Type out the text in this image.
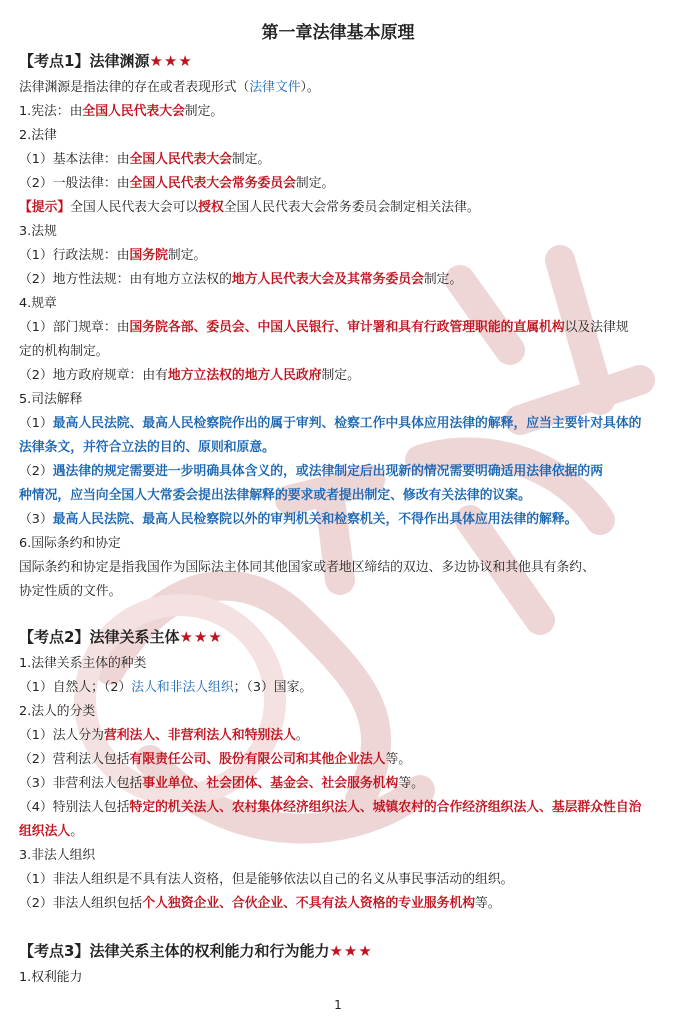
第一章法律基本原理
【考点1】法律渊源★★★
法律渊源是指法律的存在或者表现形式（法律文件）。
1.宪法：由全国人民代表大会制定。
2.法律
（1）基本法律：由全国人民代表大会制定。
（2）一般法律：由全国人民代表大会常务委员会制定。
【提示】全国人民代表大会可以授权全国人民代表大会常务委员会制定相关法律。
3.法规
（1）行政法规：由国务院制定。
（2）地方性法规：由有地方立法权的地方人民代表大会及其常务委员会制定。
4.规章
（1）部门规章：由国务院各部、委员会、中国人民银行、审计署和具有行政管理职能的直属机构以及法律规
定的机构制定。
（2）地方政府规章：由有地方立法权的地方人民政府制定。
5.司法解释
（1）最高人民法院、最高人民检察院作出的属于审判、检察工作中具体应用法律的解释，应当主要针对具体的
法律条文，并符合立法的目的、原则和原意。
（2）遇法律的规定需要进一步明确具体含义的，或法律制定后出现新的情况需要明确适用法律依据的两
种情况，应当向全国人大常委会提出法律解释的要求或者提出制定、修改有关法律的议案。
（3）最高人民法院、最高人民检察院以外的审判机关和检察机关，不得作出具体应用法律的解释。
6.国际条约和协定
国际条约和协定是指我国作为国际法主体同其他国家或者地区缔结的双边、多边协议和其他具有条约、
协定性质的文件。
【考点2】法律关系主体★★★
1.法律关系主体的种类
（1）自然人；（2）法人和非法人组织；（3）国家。
2.法人的分类
（1）法人分为营利法人、非营利法人和特别法人。
（2）营利法人包括有限责任公司、股份有限公司和其他企业法人等。
（3）非营利法人包括事业单位、社会团体、基金会、社会服务机构等。
（4）特别法人包括特定的机关法人、农村集体经济组织法人、城镇农村的合作经济组织法人、基层群众性自治
组织法人。
3.非法人组织
（1）非法人组织是不具有法人资格，但是能够依法以自己的名义从事民事活动的组织。
（2）非法人组织包括个人独资企业、合伙企业、不具有法人资格的专业服务机构等。
【考点3】法律关系主体的权利能力和行为能力★★★
1.权利能力
1
